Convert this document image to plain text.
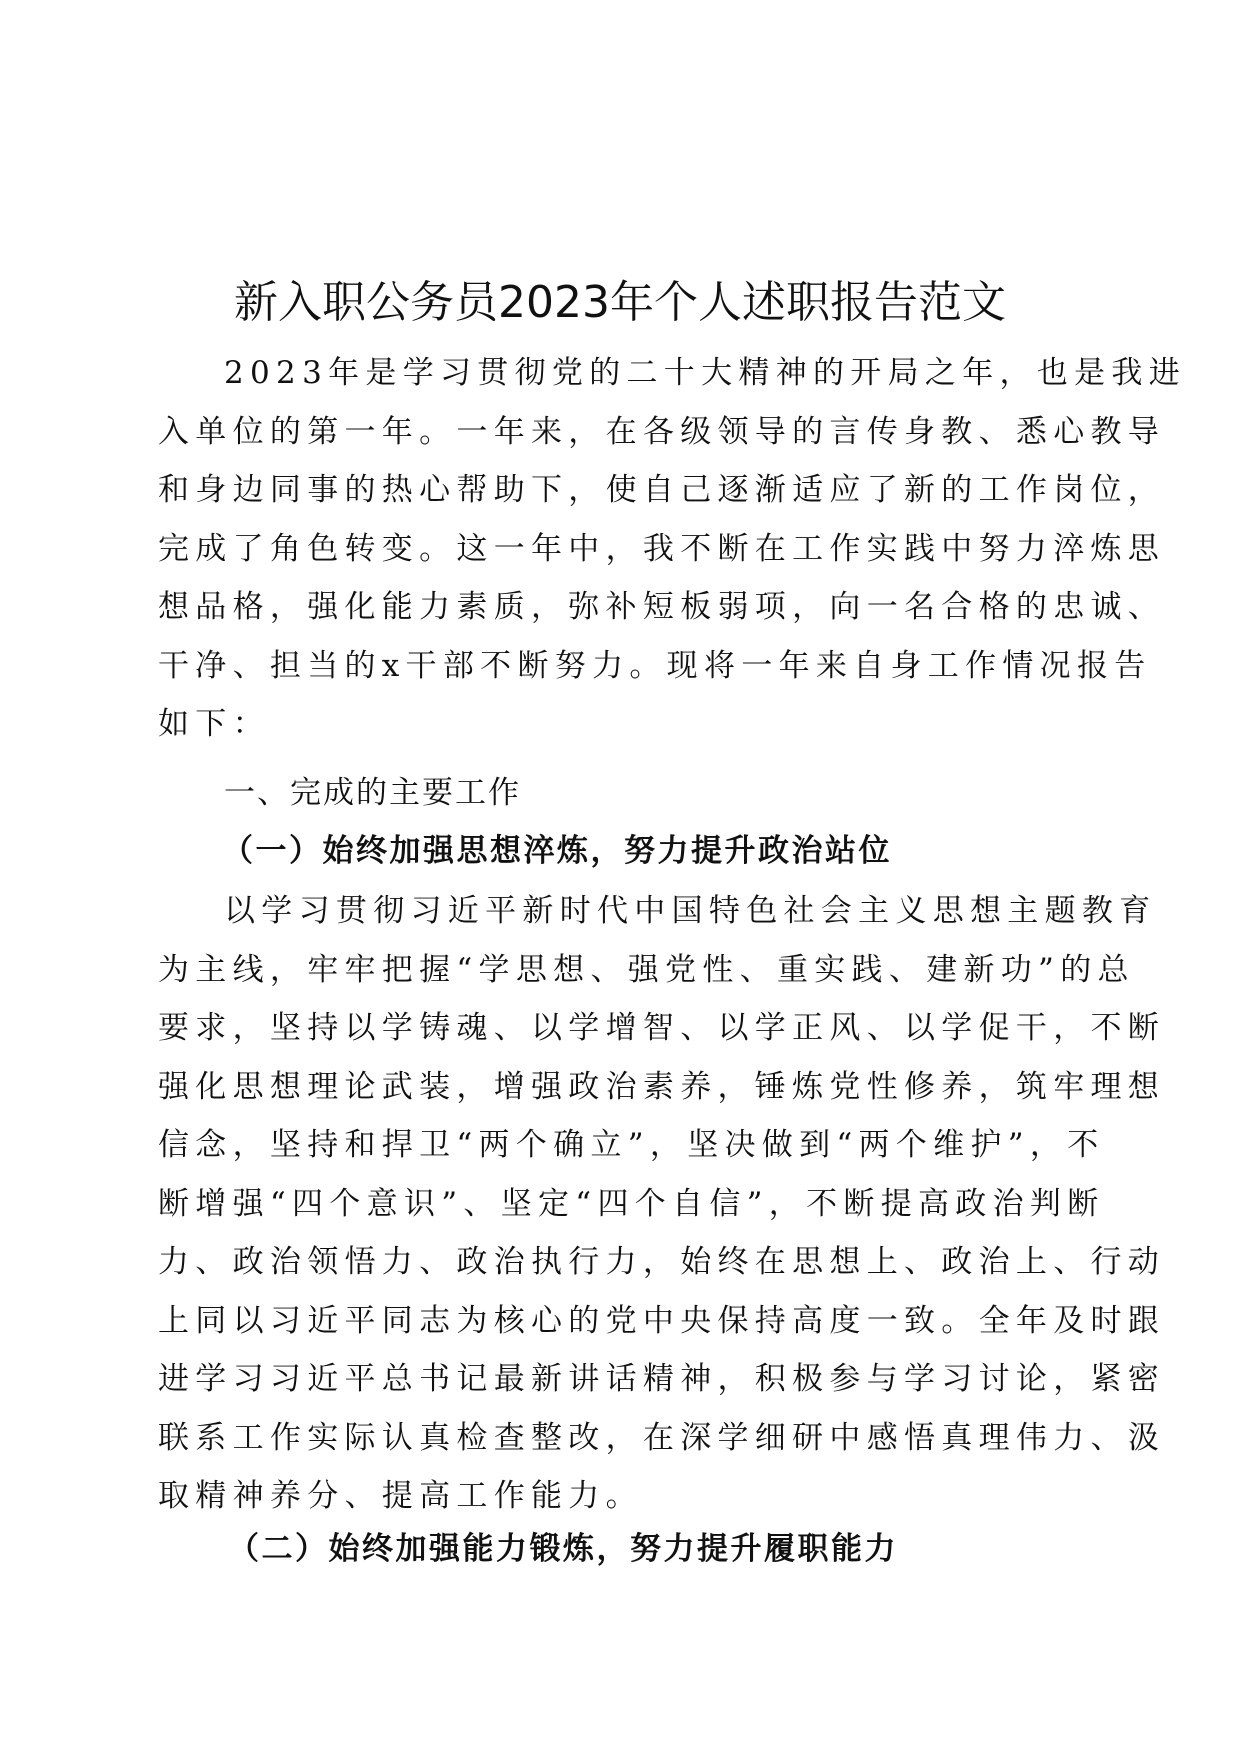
新入职公务员2023年个人述职报告范文
2023年是学习贯彻党的二十大精神的开局之年，也是我进
入单位的第一年。一年来，在各级领导的言传身教、悉心教导
和身边同事的热心帮助下，使自己逐渐适应了新的工作岗位，
完成了角色转变。这一年中，我不断在工作实践中努力淬炼思
想品格，强化能力素质，弥补短板弱项，向一名合格的忠诚、
干净、担当的x干部不断努力。现将一年来自身工作情况报告
如下：
一、完成的主要工作
（一）始终加强思想淬炼，努力提升政治站位
以学习贯彻习近平新时代中国特色社会主义思想主题教育
为主线，牢牢把握“学思想、强党性、重实践、建新功”的总
要求，坚持以学铸魂、以学增智、以学正风、以学促干，不断
强化思想理论武装，增强政治素养，锤炼党性修养，筑牢理想
信念，坚持和捍卫“两个确立”，坚决做到“两个维护”，不
断增强“四个意识”、坚定“四个自信”，不断提高政治判断
力、政治领悟力、政治执行力，始终在思想上、政治上、行动
上同以习近平同志为核心的党中央保持高度一致。全年及时跟
进学习习近平总书记最新讲话精神，积极参与学习讨论，紧密
联系工作实际认真检查整改，在深学细研中感悟真理伟力、汲
取精神养分、提高工作能力。
（二）始终加强能力锻炼，努力提升履职能力
